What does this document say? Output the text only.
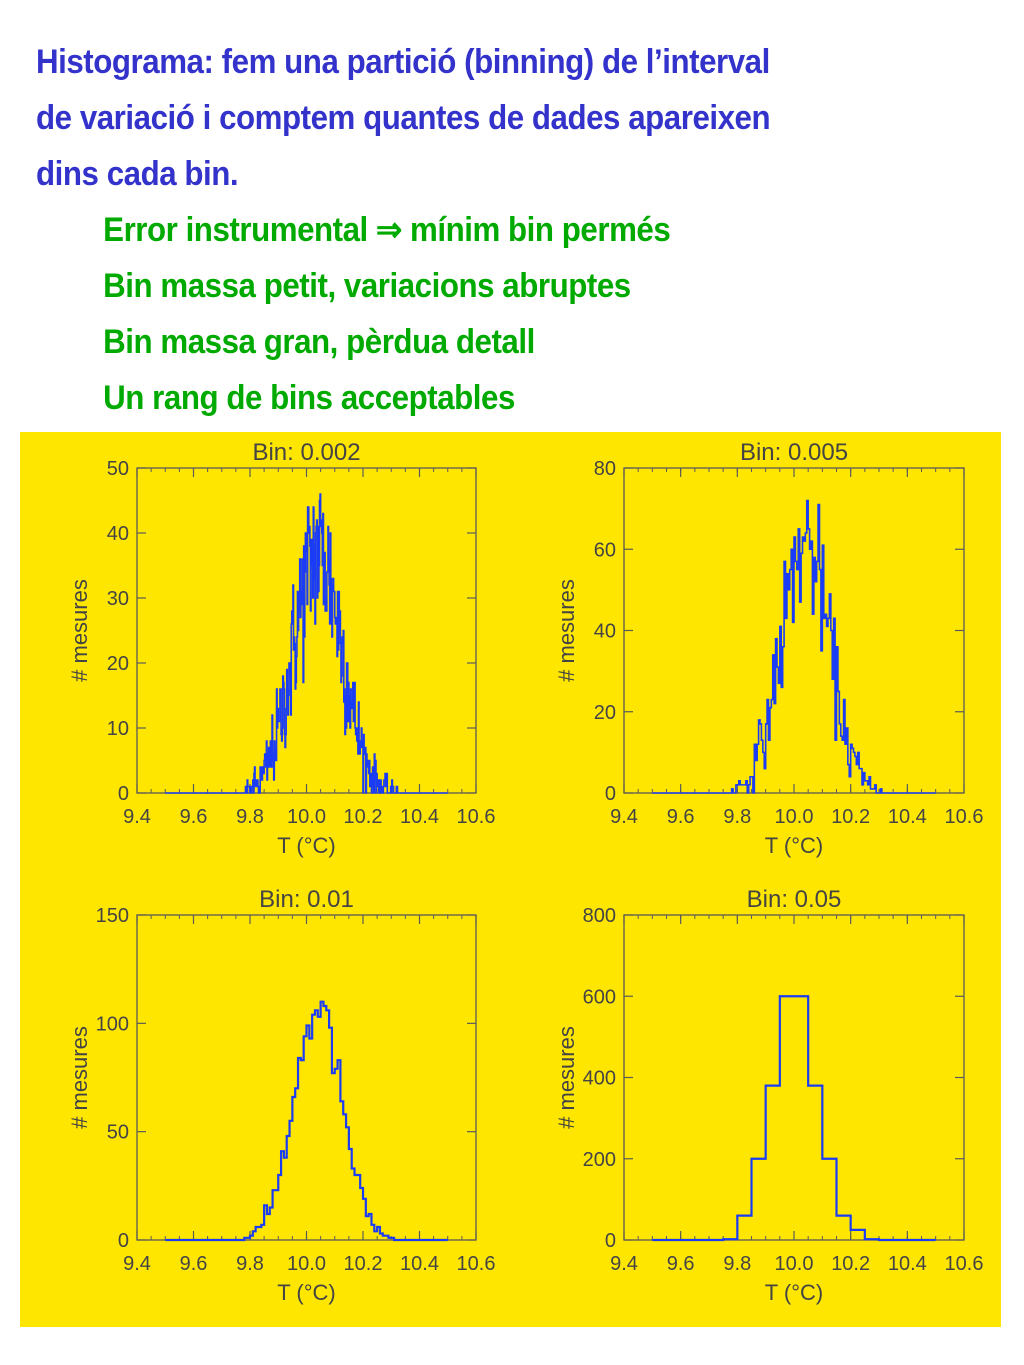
Histograma: fem una partició (binning) de l’interval
de variació i comptem quantes de dades apareixen
dins cada bin.
Error instrumental ⇒ mínim bin permés
Bin massa petit, variacions abruptes
Bin massa gran, pèrdua detall
Un rang de bins acceptables
Bin: 0.002
9.4 9.6 9.8 10.0 10.2 10.4 10.6
0
10
20
30
40
50
T (°C)
# mesures
Bin: 0.005
9.4 9.6 9.8 10.0 10.2 10.4 10.6
0
20
40
60
80
T (°C)
# mesures
Bin: 0.01
9.4 9.6 9.8 10.0 10.2 10.4 10.6
0
50
100
150
T (°C)
# mesures
Bin: 0.05
9.4 9.6 9.8 10.0 10.2 10.4 10.6
0
200
400
600
800
T (°C)
# mesures
